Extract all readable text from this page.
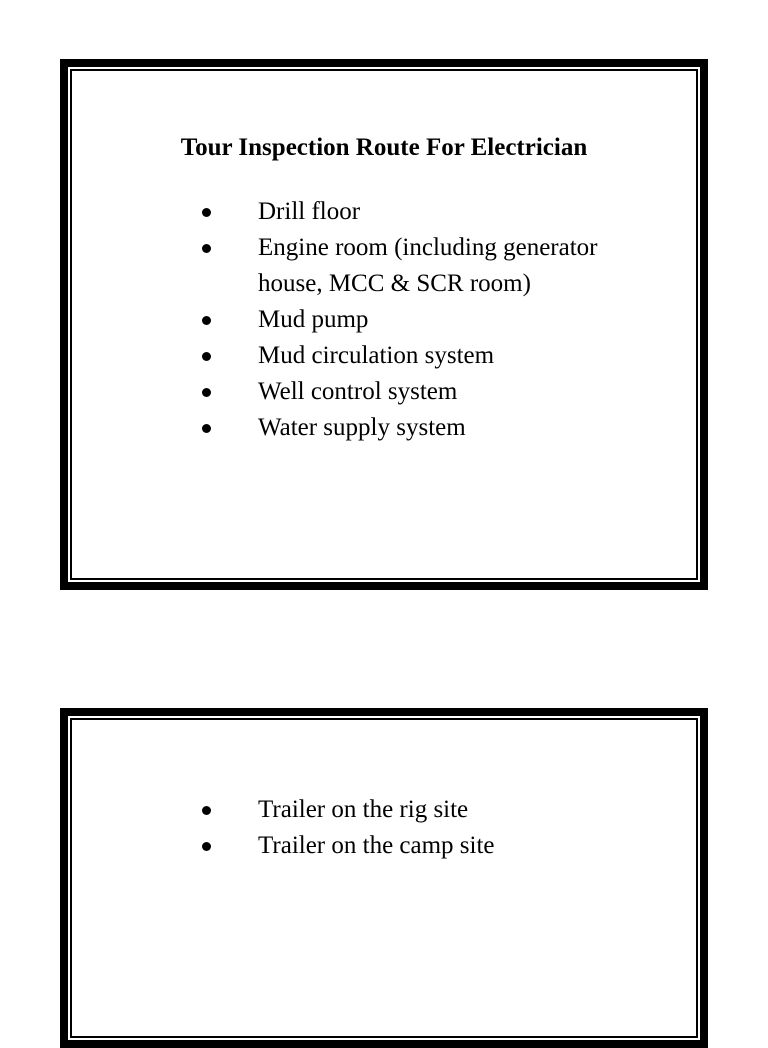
Tour Inspection Route For Electrician
Drill floor
Engine room (including generator house, MCC & SCR room)
Mud pump
Mud circulation system
Well control system
Water supply system
Trailer on the rig site
Trailer on the camp site
